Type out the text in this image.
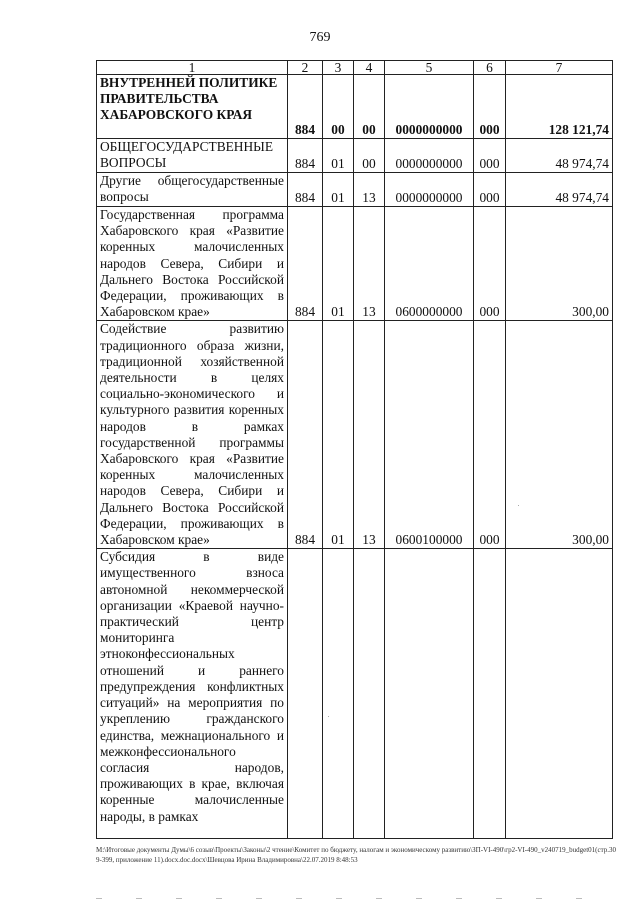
769
1	2	3	4	5	6	7
ВНУТРЕННЕЙ ПОЛИТИКЕ ПРАВИТЕЛЬСТВА ХАБАРОВСКОГО КРАЯ	884	00	00	0000000000	000	128 121,74
ОБЩЕГОСУДАРСТВЕННЫЕ ВОПРОСЫ	884	01	00	0000000000	000	48 974,74
Другие общегосударственные вопросы	884	01	13	0000000000	000	48 974,74
Государственная программа Хабаровского края «Развитие коренных малочисленных народов Севера, Сибири и Дальнего Востока Российской Федерации, проживающих в Хабаровском крае»	884	01	13	0600000000	000	300,00
Содействие развитию традиционного образа жизни, традиционной хозяйственной деятельности в целях социально-экономического и культурного развития коренных народов в рамках государственной программы Хабаровского края «Развитие коренных малочисленных народов Севера, Сибири и Дальнего Востока Российской Федерации, проживающих в Хабаровском крае»	884	01	13	0600100000	000	300,00
Субсидия в виде имущественного взноса автономной некоммерческой организации «Краевой научно-практический центр мониторинга этноконфессиональных отношений и раннего предупреждения конфликтных ситуаций» на мероприятия по укреплению гражданского единства, межнационального и межконфессионального согласия народов, проживающих в крае, включая коренные малочисленные народы, в рамках						
M:\Итоговые документы Думы\6 созыв\Проекты\Законы\2 чтение\Комитет по бюджету, налогам и экономическому развитию\ЗП-VI-490\гр2-VI-490_v240719_budget01(стр.309-399, приложение 11).docx.doc.docx\Шевцова Ирина Владимировна\22.07.2019 8:48:53
